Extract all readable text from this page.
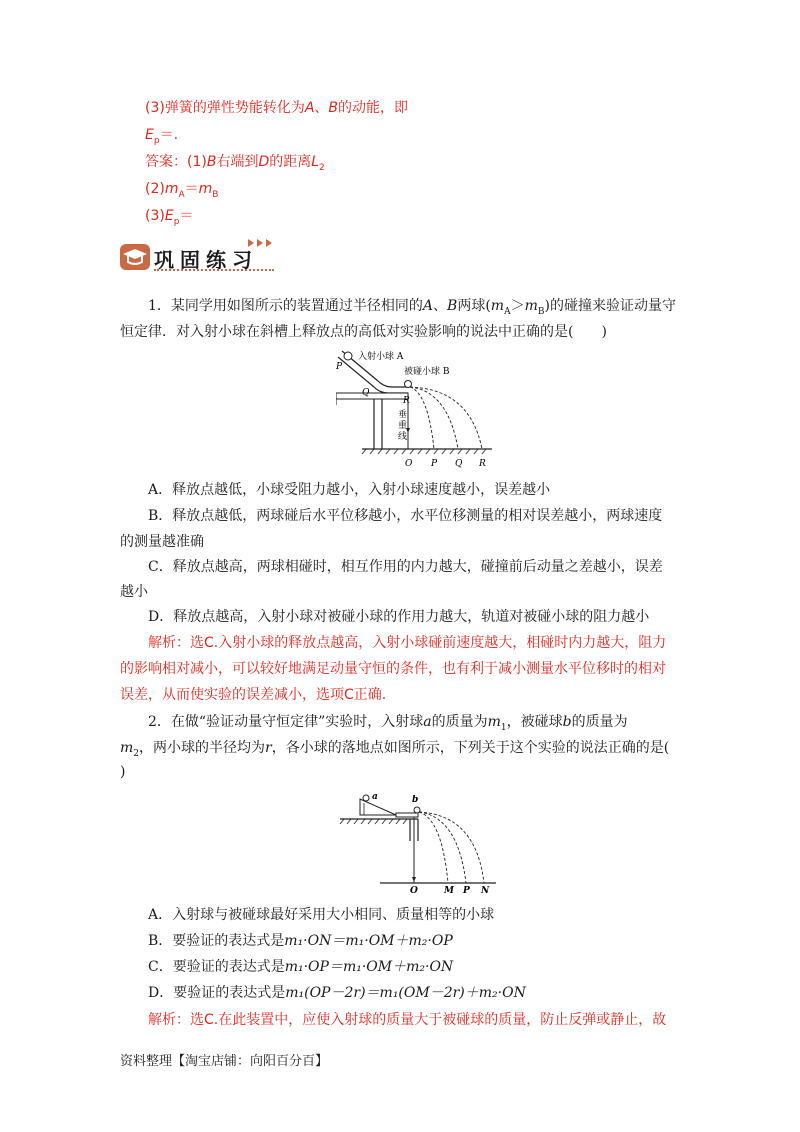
(3)弹簧的弹性势能转化为A、B的动能，即
$E_p=$.
答案：(1)B右端到D的距离$L_2$
$(2)m_A=m_B$
$(3)E_p=$
巩固练习
1．某同学用如图所示的装置通过半径相同的A、B两球$(m_A>m_B)$的碰撞来验证动量守
恒定律．对入射小球在斜槽上释放点的高低对实验影响的说法中正确的是(　　)
入射小球 A
被碰小球 B
P
Q
R
垂
重
线
O P Q R
A．释放点越低，小球受阻力越小，入射小球速度越小，误差越小
B．释放点越低，两球碰后水平位移越小，水平位移测量的相对误差越小，两球速度
的测量越准确
C．释放点越高，两球相碰时，相互作用的内力越大，碰撞前后动量之差越小，误差
越小
D．释放点越高，入射小球对被碰小球的作用力越大，轨道对被碰小球的阻力越小
解析：选C.入射小球的释放点越高，入射小球碰前速度越大，相碰时内力越大，阻力
的影响相对减小，可以较好地满足动量守恒的条件，也有利于减小测量水平位移时的相对
误差，从而使实验的误差减小，选项C正确.
2．在做“验证动量守恒定律”实验时，入射球a的质量为$m_1$，被碰球b的质量为
$m_2$，两小球的半径均为r，各小球的落地点如图所示，下列关于这个实验的说法正确的是(
)
a	b
O	M P N
A．入射球与被碰球最好采用大小相同、质量相等的小球
B．要验证的表达式是m₁·ON＝m₁·OM＋m₂·OP
C．要验证的表达式是m₁·OP＝m₁·OM＋m₂·ON
D．要验证的表达式是m₁(OP－2r)＝m₁(OM－2r)＋m₂·ON
解析：选C.在此装置中，应使入射球的质量大于被碰球的质量，防止反弹或静止，故
资料整理【淘宝店铺：向阳百分百】
